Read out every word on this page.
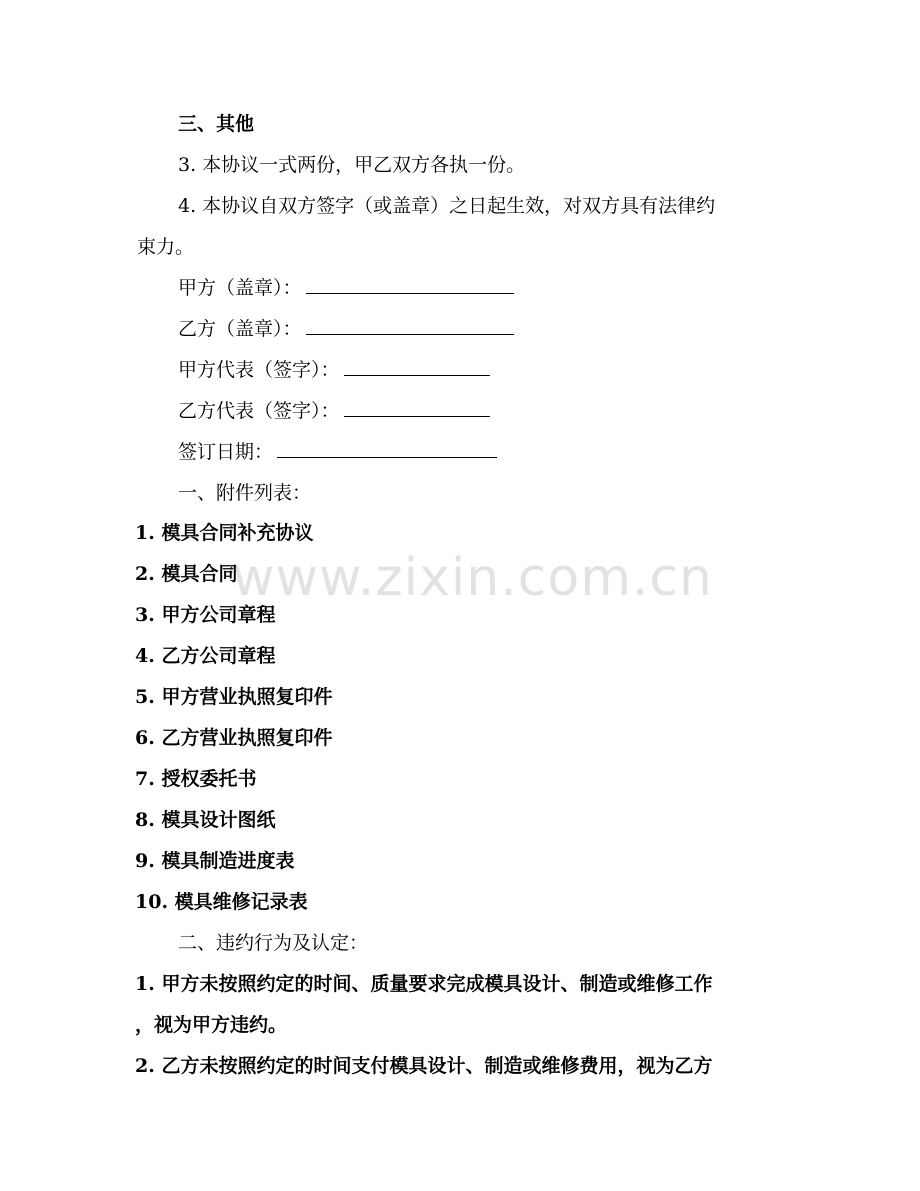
www.zixin.com.cn
三、其他
3. 本协议一式两份，甲乙双方各执一份。
4. 本协议自双方签字（或盖章）之日起生效，对双方具有法律约
束力。
甲方（盖章）：
乙方（盖章）：
甲方代表（签字）：
乙方代表（签字）：
签订日期：
一、附件列表：
1. 模具合同补充协议
2. 模具合同
3. 甲方公司章程
4. 乙方公司章程
5. 甲方营业执照复印件
6. 乙方营业执照复印件
7. 授权委托书
8. 模具设计图纸
9. 模具制造进度表
10. 模具维修记录表
二、违约行为及认定：
1. 甲方未按照约定的时间、质量要求完成模具设计、制造或维修工作
，视为甲方违约。
2. 乙方未按照约定的时间支付模具设计、制造或维修费用，视为乙方
